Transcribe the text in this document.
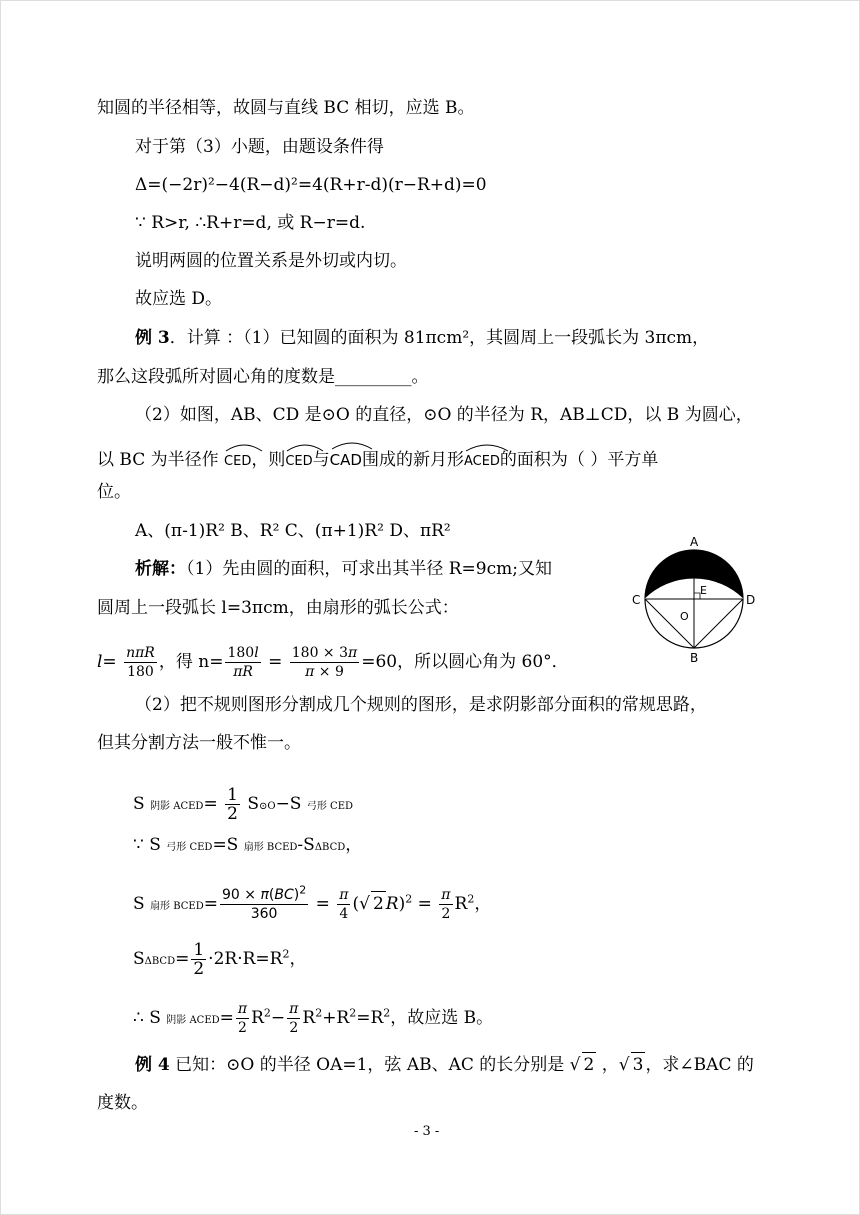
知圆的半径相等，故圆与直线 BC 相切，应选 B。
对于第（3）小题，由题设条件得
Δ=(−2r)²−4(R−d)²=4(R+r-d)(r−R+d)=0
∵ R>r, ∴R+r=d, 或 R−r=d.
说明两圆的位置关系是外切或内切。
故应选 D。
例 3．计算 ：（1）已知圆的面积为 81πcm²，其圆周上一段弧长为 3πcm，
那么这段弧所对圆心角的度数是_________。
（2）如图，AB、CD 是⊙O 的直径，⊙O 的半径为 R，AB⊥CD，以 B 为圆心，
以 BC 为半径作 CED，则
CED与
CAD围成的新月形
ACED的面积为（ ）平方单
位。
A、(π-1)R² B、R² C、(π+1)R² D、πR²
析解：（1）先由圆的面积，可求出其半径 R=9cm;又知
圆周上一段弧长 l=3πcm，由扇形的弧长公式：
$l= \frac{\text{nπR}}{180}$ ，得 $n= \frac{180l}{\pi R} = \frac{180 \times 3\pi}{\pi \times 9} =60$，所以圆心角为 60°．
（2）把不规则图形分割成几个规则的图形，是求阴影部分面积的常规思路，
但其分割方法一般不惟一。
S 阴影 ACED= $\frac{1}{2}$ S⊙O−S 弓形 CED
∵ S 弓形 CED=S 扇形 BCED-SΔBCD，
S 扇形 BCED= $\frac{90 \times \pi(BC)^2}{360} = \frac{\pi}{4}$ (√ 2 $R)^2 = \frac{\pi}{2} R^2$，
$S\Delta BCD= \frac{1}{2} \cdot 2R\cdot R=R^2$，
∴ S 阴影 ACED= $\frac{\pi}{2} R^2- \frac{\pi}{2} R^2+R^2=R^2$，故应选 B。
例 4 已知：⊙O 的半径 OA=1，弦 AB、AC 的长分别是 √ 2 ，√ 3 ，求∠BAC 的
度数。
- 3 -
A
C	D
E
O
B
